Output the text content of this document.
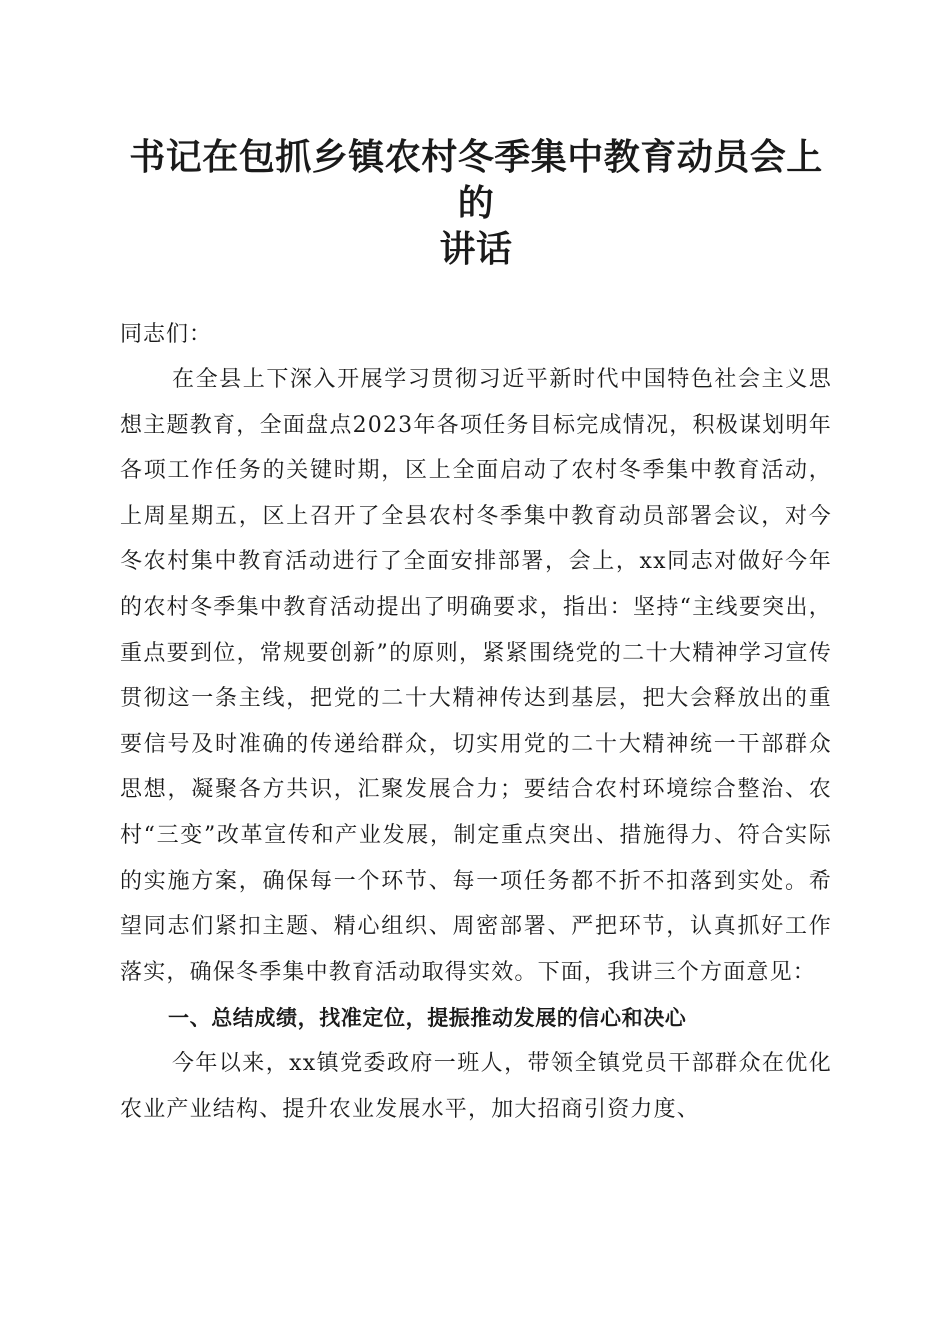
书记在包抓乡镇农村冬季集中教育动员会上的
讲话

同志们：

在全县上下深入开展学习贯彻习近平新时代中国特色社会主义思想主题教育，全面盘点2023年各项任务目标完成情况，积极谋划明年各项工作任务的关键时期，区上全面启动了农村冬季集中教育活动，上周星期五，区上召开了全县农村冬季集中教育动员部署会议，对今冬农村集中教育活动进行了全面安排部署，会上，xx同志对做好今年的农村冬季集中教育活动提出了明确要求，指出：坚持“主线要突出，重点要到位，常规要创新”的原则，紧紧围绕党的二十大精神学习宣传贯彻这一条主线，把党的二十大精神传达到基层，把大会释放出的重要信号及时准确的传递给群众，切实用党的二十大精神统一干部群众思想，凝聚各方共识，汇聚发展合力；要结合农村环境综合整治、农村“三变”改革宣传和产业发展，制定重点突出、措施得力、符合实际的实施方案，确保每一个环节、每一项任务都不折不扣落到实处。希望同志们紧扣主题、精心组织、周密部署、严把环节，认真抓好工作落实，确保冬季集中教育活动取得实效。下面，我讲三个方面意见：

一、总结成绩，找准定位，提振推动发展的信心和决心

今年以来，xx镇党委政府一班人，带领全镇党员干部群众在优化农业产业结构、提升农业发展水平，加大招商引资力度、
